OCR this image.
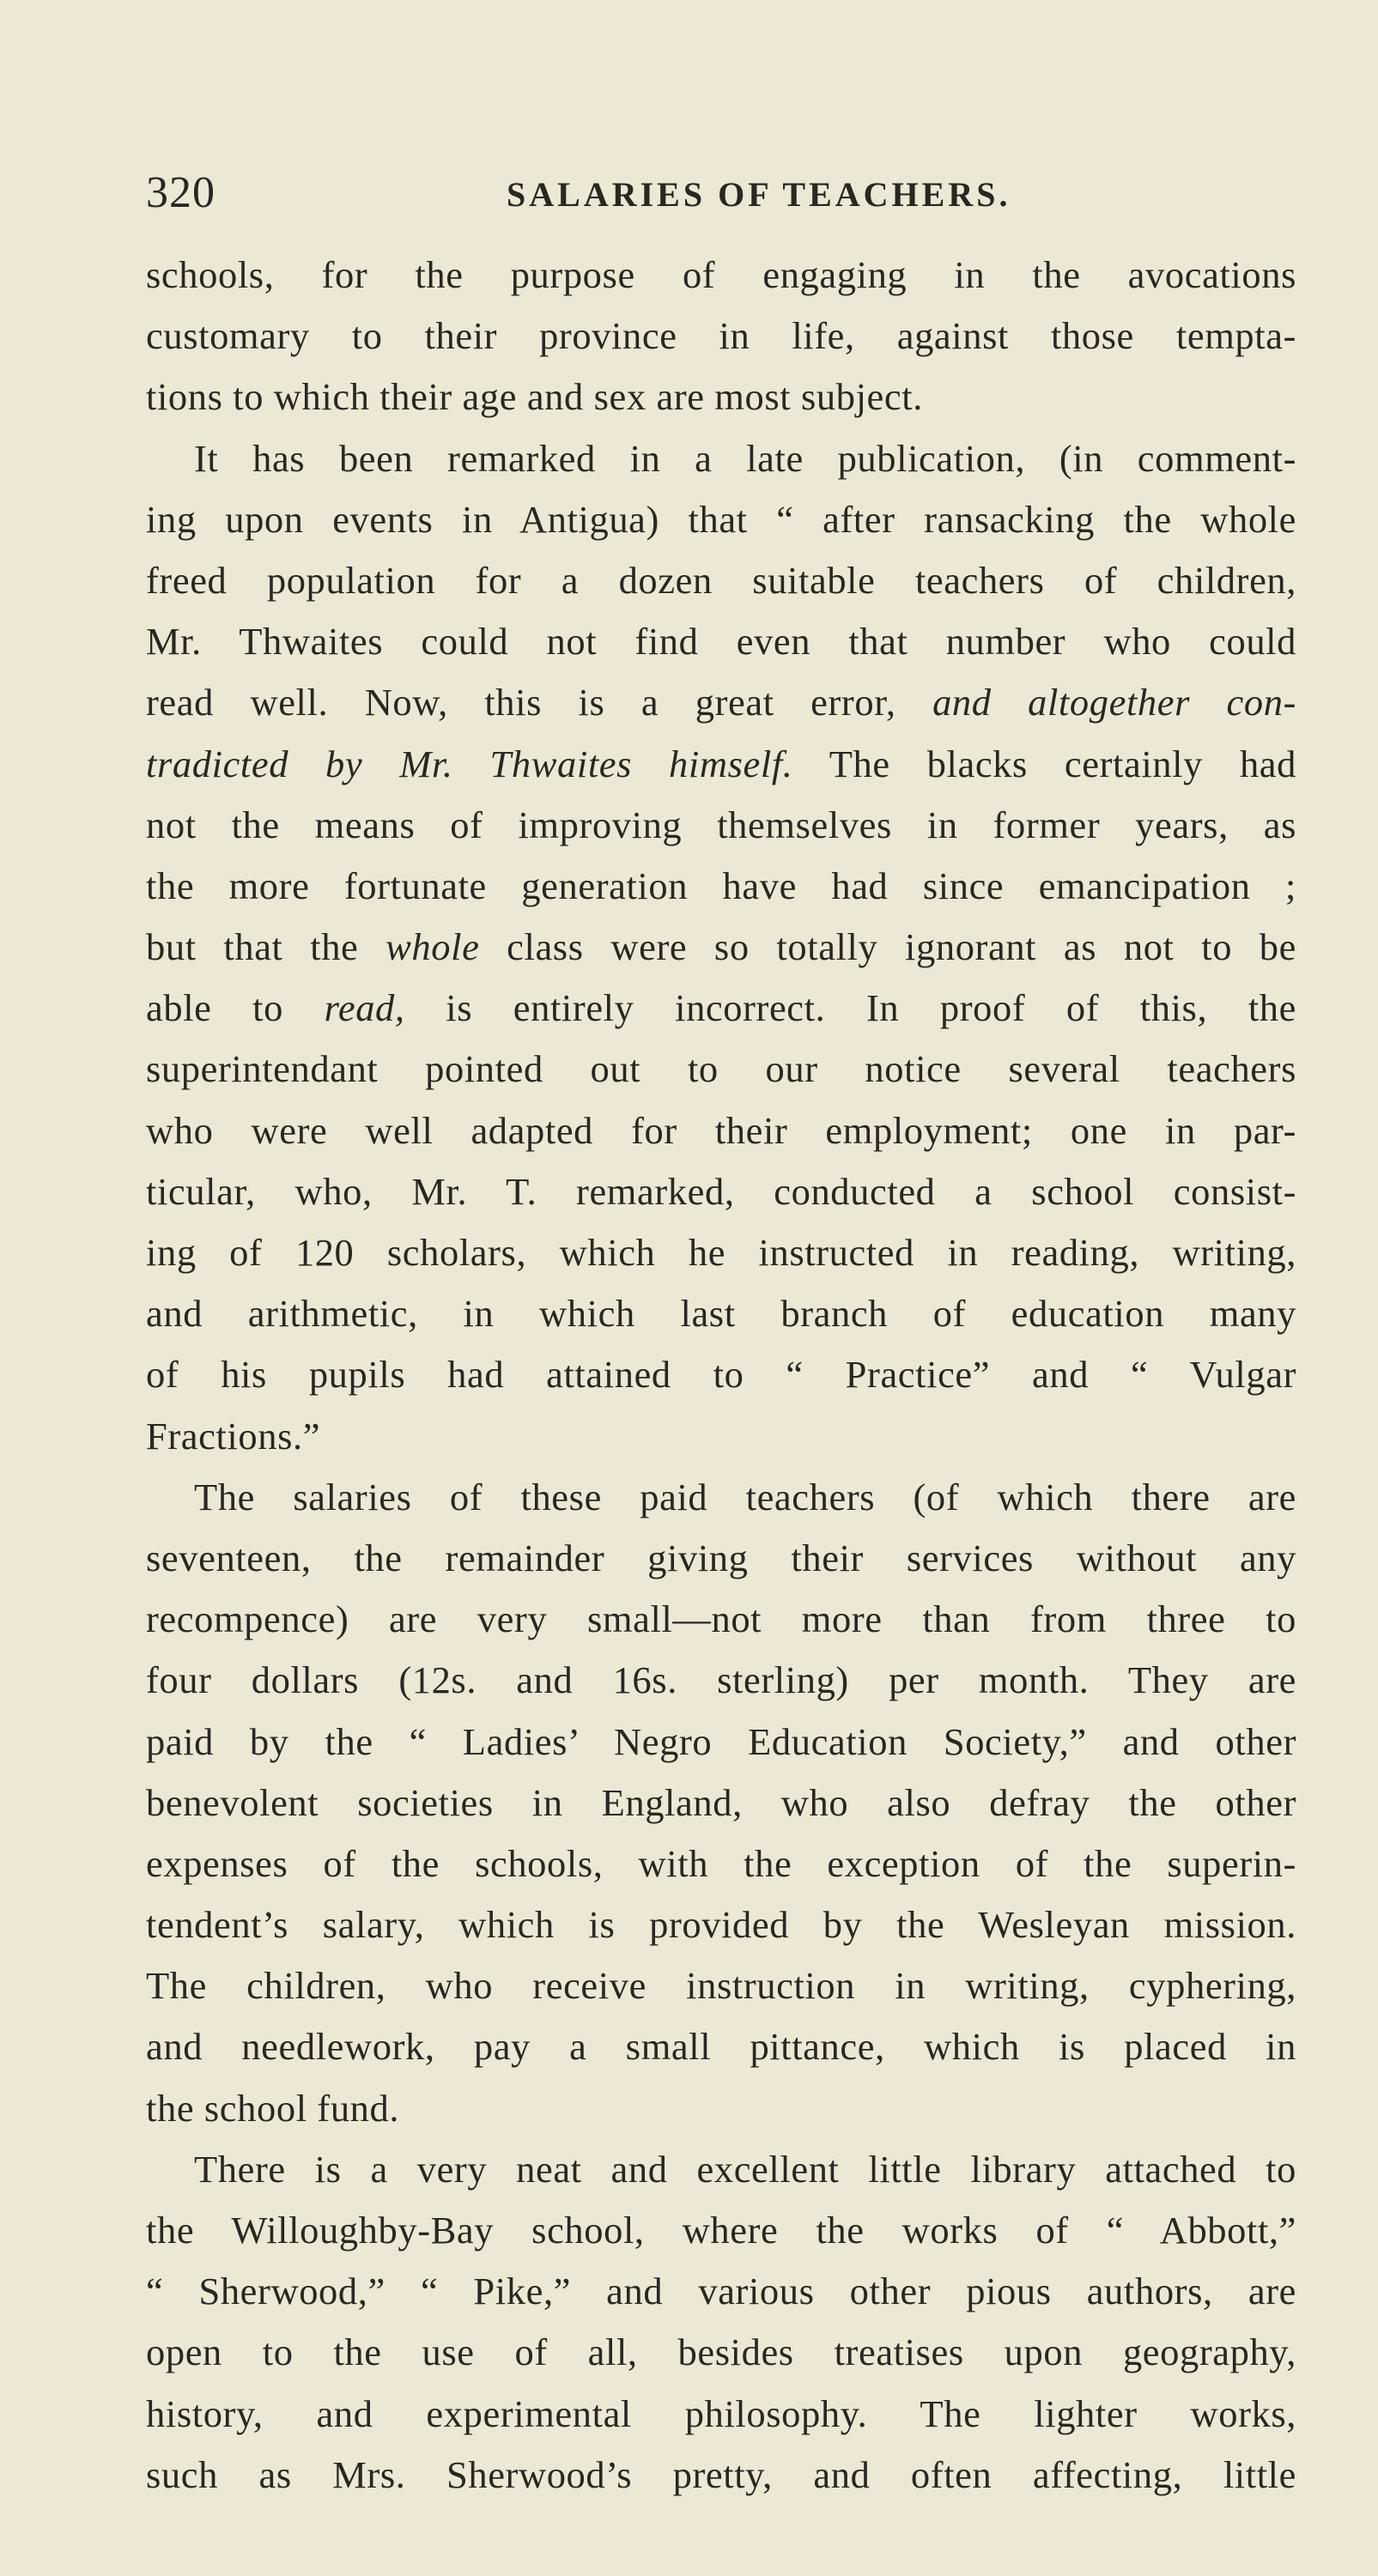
320	SALARIES OF TEACHERS.
schools, for the purpose of engaging in the avocations
customary to their province in life, against those tempta-
tions to which their age and sex are most subject.
It has been remarked in a late publication, (in comment-
ing upon events in Antigua) that “ after ransacking the whole
freed population for a dozen suitable teachers of children,
Mr. Thwaites could not find even that number who could
read well. Now, this is a great error, and altogether con-
tradicted by Mr. Thwaites himself. The blacks certainly had
not the means of improving themselves in former years, as
the more fortunate generation have had since emancipation ;
but that the whole class were so totally ignorant as not to be
able to read, is entirely incorrect. In proof of this, the
superintendant pointed out to our notice several teachers
who were well adapted for their employment; one in par-
ticular, who, Mr. T. remarked, conducted a school consist-
ing of 120 scholars, which he instructed in reading, writing,
and arithmetic, in which last branch of education many
of his pupils had attained to “ Practice” and “ Vulgar
Fractions.”
The salaries of these paid teachers (of which there are
seventeen, the remainder giving their services without any
recompence) are very small—not more than from three to
four dollars (12s. and 16s. sterling) per month. They are
paid by the “ Ladies’ Negro Education Society,” and other
benevolent societies in England, who also defray the other
expenses of the schools, with the exception of the superin-
tendent’s salary, which is provided by the Wesleyan mission.
The children, who receive instruction in writing, cyphering,
and needlework, pay a small pittance, which is placed in
the school fund.
There is a very neat and excellent little library attached to
the Willoughby-Bay school, where the works of “ Abbott,”
“ Sherwood,” “ Pike,” and various other pious authors, are
open to the use of all, besides treatises upon geography,
history, and experimental philosophy. The lighter works,
such as Mrs. Sherwood’s pretty, and often affecting, little
